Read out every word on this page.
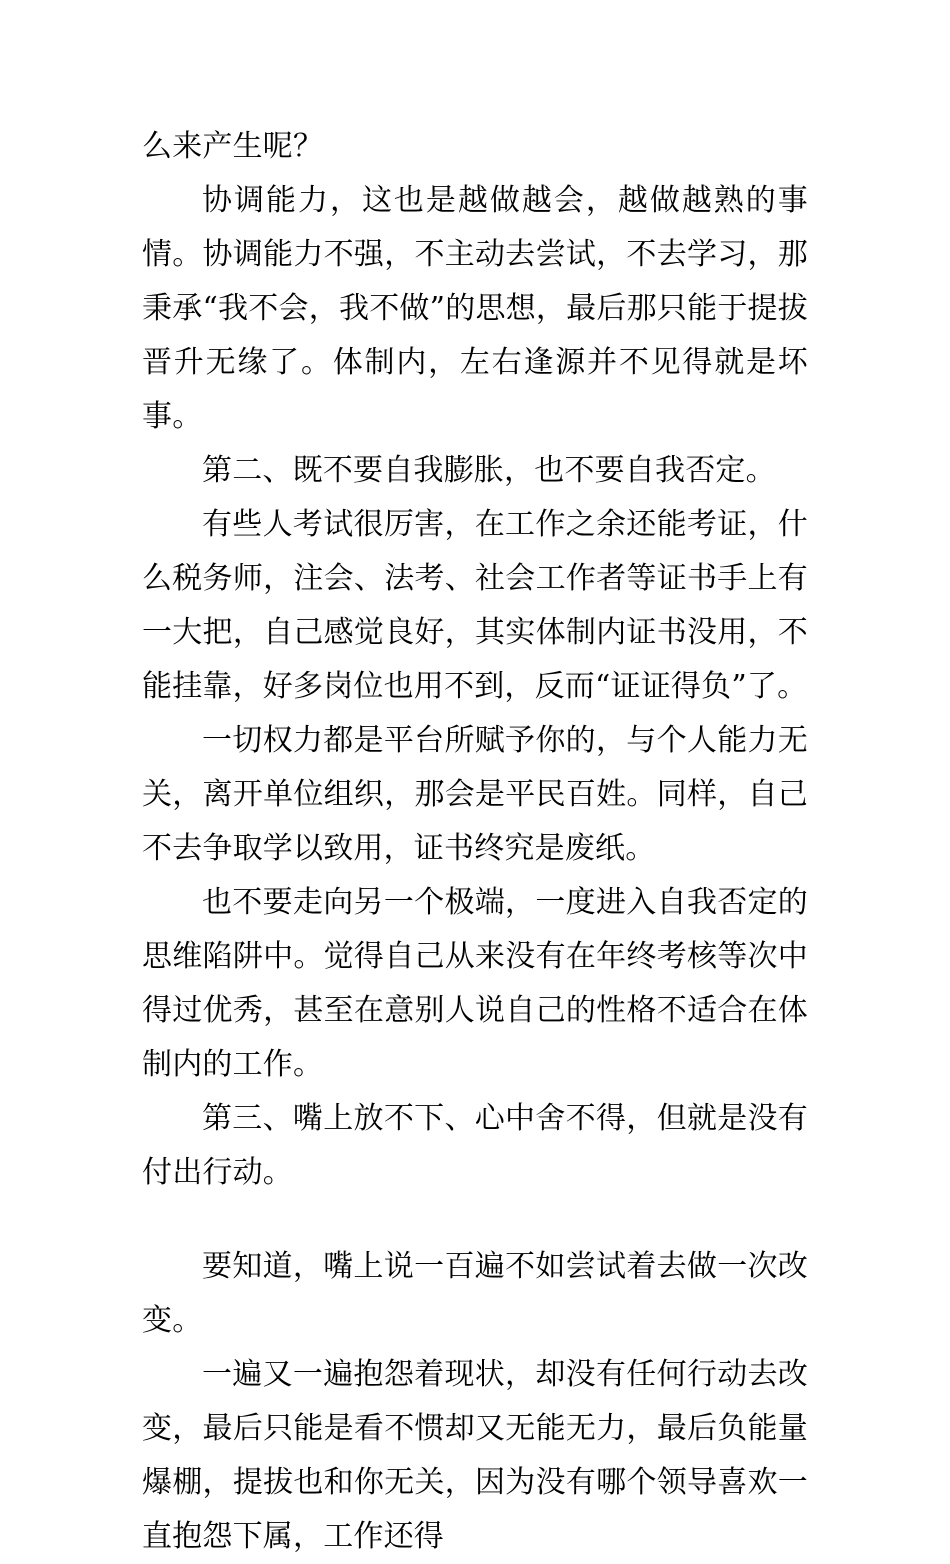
么来产生呢？

协调能力，这也是越做越会，越做越熟的事情。协调能力不强，不主动去尝试，不去学习，那秉承“我不会，我不做”的思想，最后那只能于提拔晋升无缘了。体制内，左右逢源并不见得就是坏事。

第二、既不要自我膨胀，也不要自我否定。

有些人考试很厉害，在工作之余还能考证，什么税务师，注会、法考、社会工作者等证书手上有一大把，自己感觉良好，其实体制内证书没用，不能挂靠，好多岗位也用不到，反而“证证得负”了。

一切权力都是平台所赋予你的，与个人能力无关，离开单位组织，那会是平民百姓。同样，自己不去争取学以致用，证书终究是废纸。

也不要走向另一个极端，一度进入自我否定的思维陷阱中。觉得自己从来没有在年终考核等次中得过优秀，甚至在意别人说自己的性格不适合在体制内的工作。

第三、嘴上放不下、心中舍不得，但就是没有付出行动。

要知道，嘴上说一百遍不如尝试着去做一次改变。

一遍又一遍抱怨着现状，却没有任何行动去改变，最后只能是看不惯却又无能无力，最后负能量爆棚，提拔也和你无关，因为没有哪个领导喜欢一直抱怨下属，工作还得
